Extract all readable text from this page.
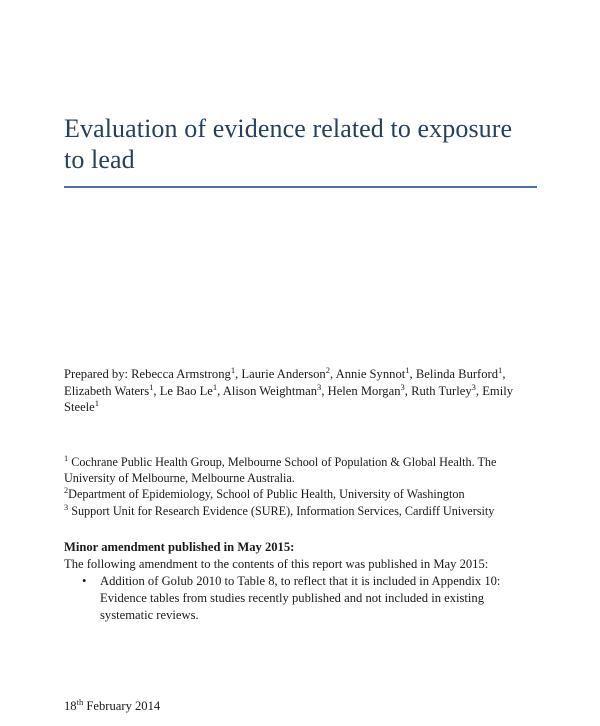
Evaluation of evidence related to exposure to lead
Prepared by: Rebecca Armstrong$^1$, Laurie Anderson$^2$, Annie Synnot$^1$, Belinda Burford$^1$, Elizabeth Waters$^1$, Le Bao Le$^1$, Alison Weightman$^3$, Helen Morgan$^3$, Ruth Turley$^3$, Emily Steele$^1$
$^1$ Cochrane Public Health Group, Melbourne School of Population & Global Health. The University of Melbourne, Melbourne Australia.
$^2$Department of Epidemiology, School of Public Health, University of Washington
$^3$ Support Unit for Research Evidence (SURE), Information Services, Cardiff University
Minor amendment published in May 2015:
The following amendment to the contents of this report was published in May 2015:
• Addition of Golub 2010 to Table 8, to reflect that it is included in Appendix 10: Evidence tables from studies recently published and not included in existing systematic reviews.
18th February 2014
